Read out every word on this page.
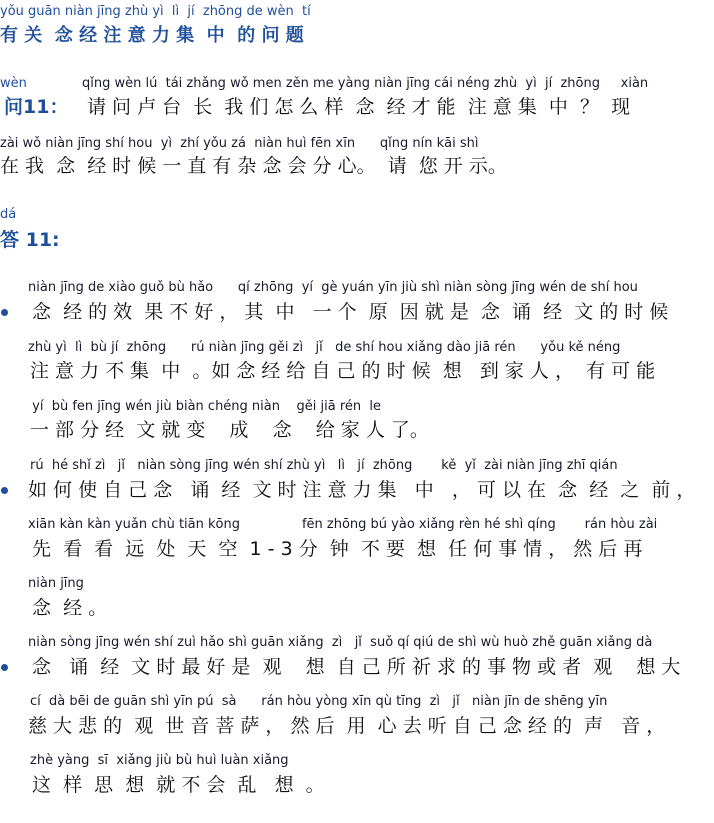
yǒu guān niàn jīng zhù yì  lì  jí  zhōng de wèn  tí
有 关  念 经 注 意 力 集  中  的 问 题
wèn
问11：
qǐng wèn lú  tái zhǎng wǒ men zěn me yàng niàn jīng cái néng zhù  yì  jí  zhōng     xiàn
请 问 卢 台  长  我 们 怎 么 样  念  经 才 能  注 意 集  中  ？  现
zài wǒ niàn jīng shí hou  yì  zhí yǒu zá  niàn huì fēn xīn      qǐng nín kāi shì
在 我  念  经 时 候 一 直 有 杂 念 会 分 心。  请  您 开 示。
dá
答 11:
niàn jīng de xiào guǒ bù hǎo      qí zhōng  yí  gè yuán yīn jiù shì niàn sòng jīng wén de shí hou
念  经 的 效  果 不 好 ， 其  中   一 个  原  因 就 是  念  诵  经  文 的 时 候
zhù yì  lì  bù jí  zhōng      rú niàn jīng gěi zì   jǐ   de shí hou xiǎng dào jiā rén      yǒu kě néng
注 意 力 不 集  中  。如 念 经 给 自 己 的 时 候  想   到 家 人 ，  有 可 能
yí  bù fen jīng wén jiù biàn chéng niàn    gěi jiā rén  le
一 部 分 经  文 就 变    成    念    给 家 人 了。
rú  hé shǐ zì   jǐ   niàn sòng jīng wén shí zhù yì   lì   jí  zhōng       kě  yǐ  zài niàn jīng zhī qián
如 何 使 自 己 念   诵  经  文 时 注 意 力 集   中   ， 可 以 在  念  经  之  前 ，
xiān kàn kàn yuǎn chù tiān kōng               fēn zhōng bú yào xiǎng rèn hé shì qíng       rán hòu zài
先  看  看  远  处  天  空  1 - 3 分  钟  不 要  想  任 何 事 情 ， 然 后 再
niàn jīng
念  经 。
niàn sòng jīng wén shí zuì hǎo shì guān xiǎng  zì   jǐ  suǒ qí qiú de shì wù huò zhě guān xiǎng dà
念   诵  经  文 时 最 好 是  观    想  自 己 所 祈 求 的 事 物 或 者  观    想 大
cí  dà bēi de guān shì yīn pú  sà      rán hòu yòng xīn qù tīng  zì   jǐ   niàn jīn de shēng yīn
慈 大 悲 的  观  世 音 菩 萨 ， 然 后  用  心 去 听 自 己 念 经 的  声   音 ，
zhè yàng  sī  xiǎng jiù bù huì luàn xiǎng
这  样  思  想  就 不 会  乱   想  。
